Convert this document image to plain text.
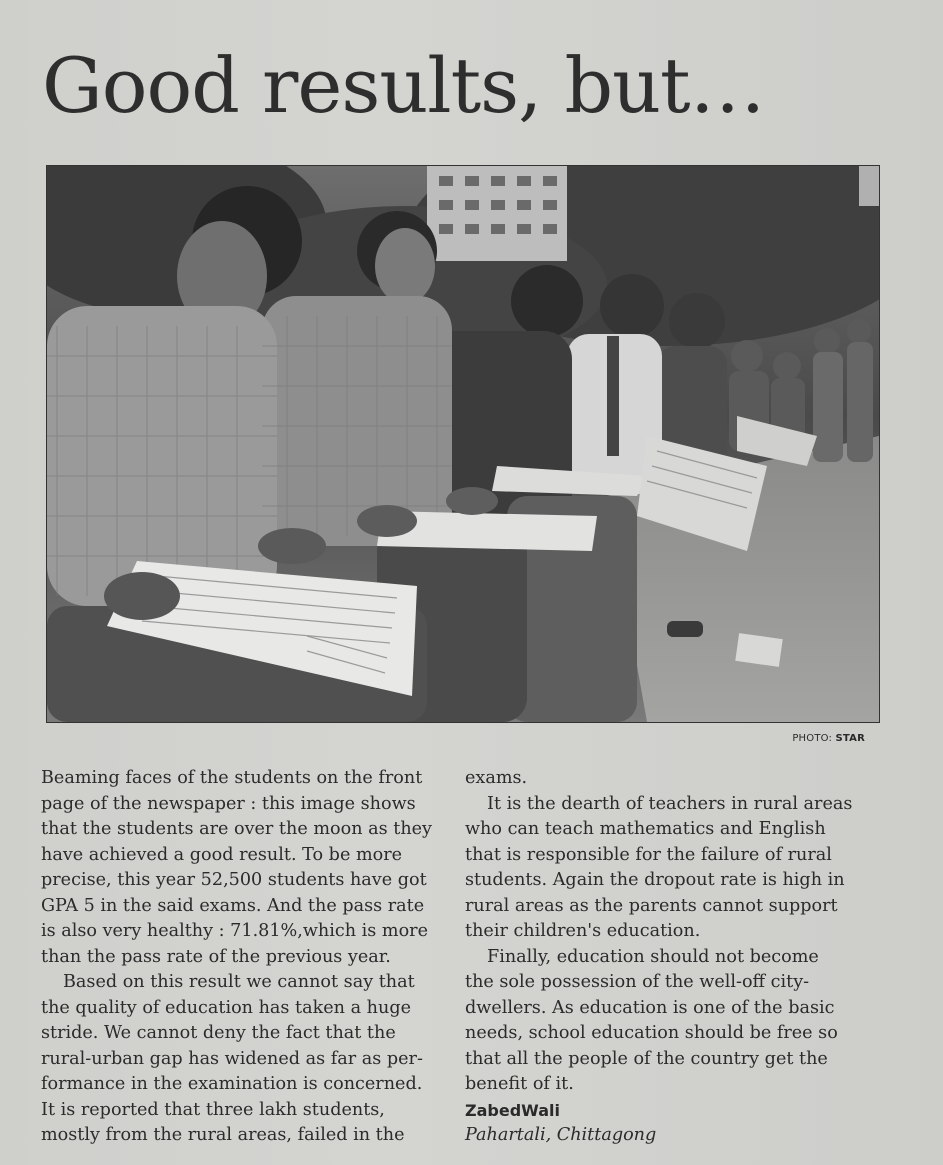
Good results, but…
PHOTO: STAR

Beaming faces of the students on the front

page of the newspaper : this image shows

that the students are over the moon as they

have achieved a good result. To be more

precise, this year 52,500 students have got

GPA 5 in the said exams. And the pass rate

is also very healthy : 71.81%,which is more

than the pass rate of the previous year.

Based on this result we cannot say that

the quality of education has taken a huge

stride. We cannot deny the fact that the

rural-urban gap has widened as far as per-

formance in the examination is concerned.

It is reported that three lakh students,

mostly from the rural areas, failed in the

exams.

It is the dearth of teachers in rural areas

who can teach mathematics and English

that is responsible for the failure of rural

students. Again the dropout rate is high in

rural areas as the parents cannot support

their children's education.

Finally, education should not become

the sole possession of the well-off city-

dwellers. As education is one of the basic

needs, school education should be free so

that all the people of the country get the

benefit of it.

ZabedWali

Pahartali, Chittagong
